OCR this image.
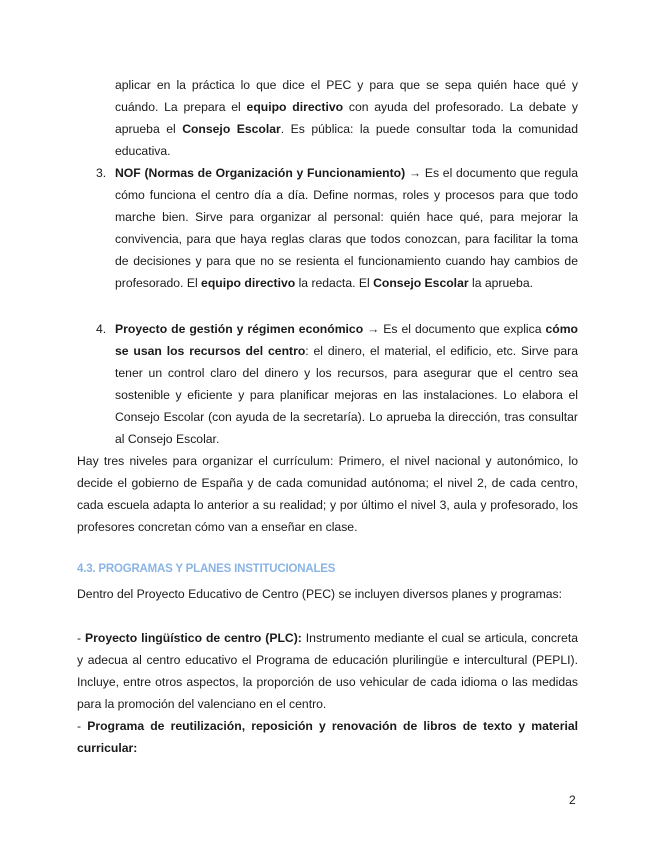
aplicar en la práctica lo que dice el PEC y para que se sepa quién hace qué y cuándo. La prepara el equipo directivo con ayuda del profesorado. La debate y aprueba el Consejo Escolar. Es pública: la puede consultar toda la comunidad educativa.
3. NOF (Normas de Organización y Funcionamiento) → Es el documento que regula cómo funciona el centro día a día. Define normas, roles y procesos para que todo marche bien. Sirve para organizar al personal: quién hace qué, para mejorar la convivencia, para que haya reglas claras que todos conozcan, para facilitar la toma de decisiones y para que no se resienta el funcionamiento cuando hay cambios de profesorado. El equipo directivo la redacta. El Consejo Escolar la aprueba.
4. Proyecto de gestión y régimen económico → Es el documento que explica cómo se usan los recursos del centro: el dinero, el material, el edificio, etc. Sirve para tener un control claro del dinero y los recursos, para asegurar que el centro sea sostenible y eficiente y para planificar mejoras en las instalaciones. Lo elabora el Consejo Escolar (con ayuda de la secretaría). Lo aprueba la dirección, tras consultar al Consejo Escolar.
Hay tres niveles para organizar el currículum: Primero, el nivel nacional y autonómico, lo decide el gobierno de España y de cada comunidad autónoma; el nivel 2, de cada centro, cada escuela adapta lo anterior a su realidad; y por último el nivel 3, aula y profesorado, los profesores concretan cómo van a enseñar en clase.
4.3. PROGRAMAS Y PLANES INSTITUCIONALES
Dentro del Proyecto Educativo de Centro (PEC) se incluyen diversos planes y programas:
- Proyecto lingüístico de centro (PLC): Instrumento mediante el cual se articula, concreta y adecua al centro educativo el Programa de educación plurilingüe e intercultural (PEPLI). Incluye, entre otros aspectos, la proporción de uso vehicular de cada idioma o las medidas para la promoción del valenciano en el centro.
- Programa de reutilización, reposición y renovación de libros de texto y material curricular:
2
